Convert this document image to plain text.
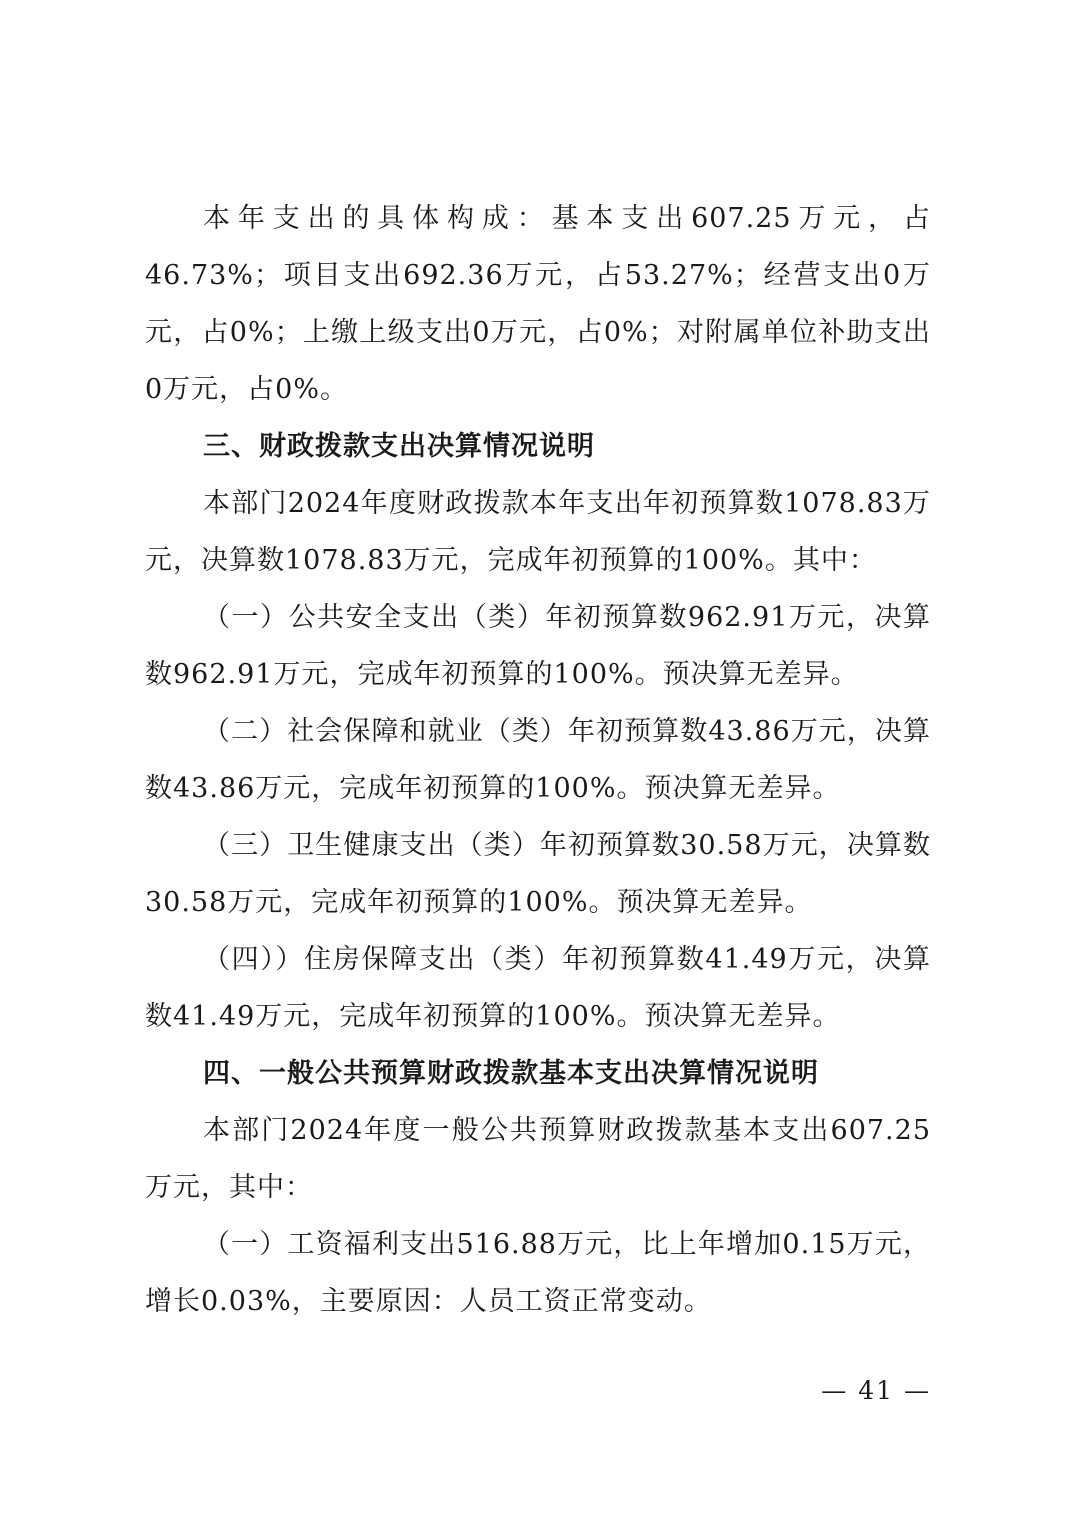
本年支出的具体构成：基本支出607.25万元，占46.73%；项目支出692.36万元，占53.27%；经营支出0万元，占0%；上缴上级支出0万元，占0%；对附属单位补助支出0万元，占0%。

三、财政拨款支出决算情况说明

本部门2024年度财政拨款本年支出年初预算数1078.83万元，决算数1078.83万元，完成年初预算的100%。其中：

（一）公共安全支出（类）年初预算数962.91万元，决算数962.91万元，完成年初预算的100%。预决算无差异。

（二）社会保障和就业（类）年初预算数43.86万元，决算数43.86万元，完成年初预算的100%。预决算无差异。

（三）卫生健康支出（类）年初预算数30.58万元，决算数30.58万元，完成年初预算的100%。预决算无差异。

（四））住房保障支出（类）年初预算数41.49万元，决算数41.49万元，完成年初预算的100%。预决算无差异。

四、一般公共预算财政拨款基本支出决算情况说明

本部门2024年度一般公共预算财政拨款基本支出607.25万元，其中：

（一）工资福利支出516.88万元，比上年增加0.15万元，增长0.03%，主要原因：人员工资正常变动。

— 41 —
